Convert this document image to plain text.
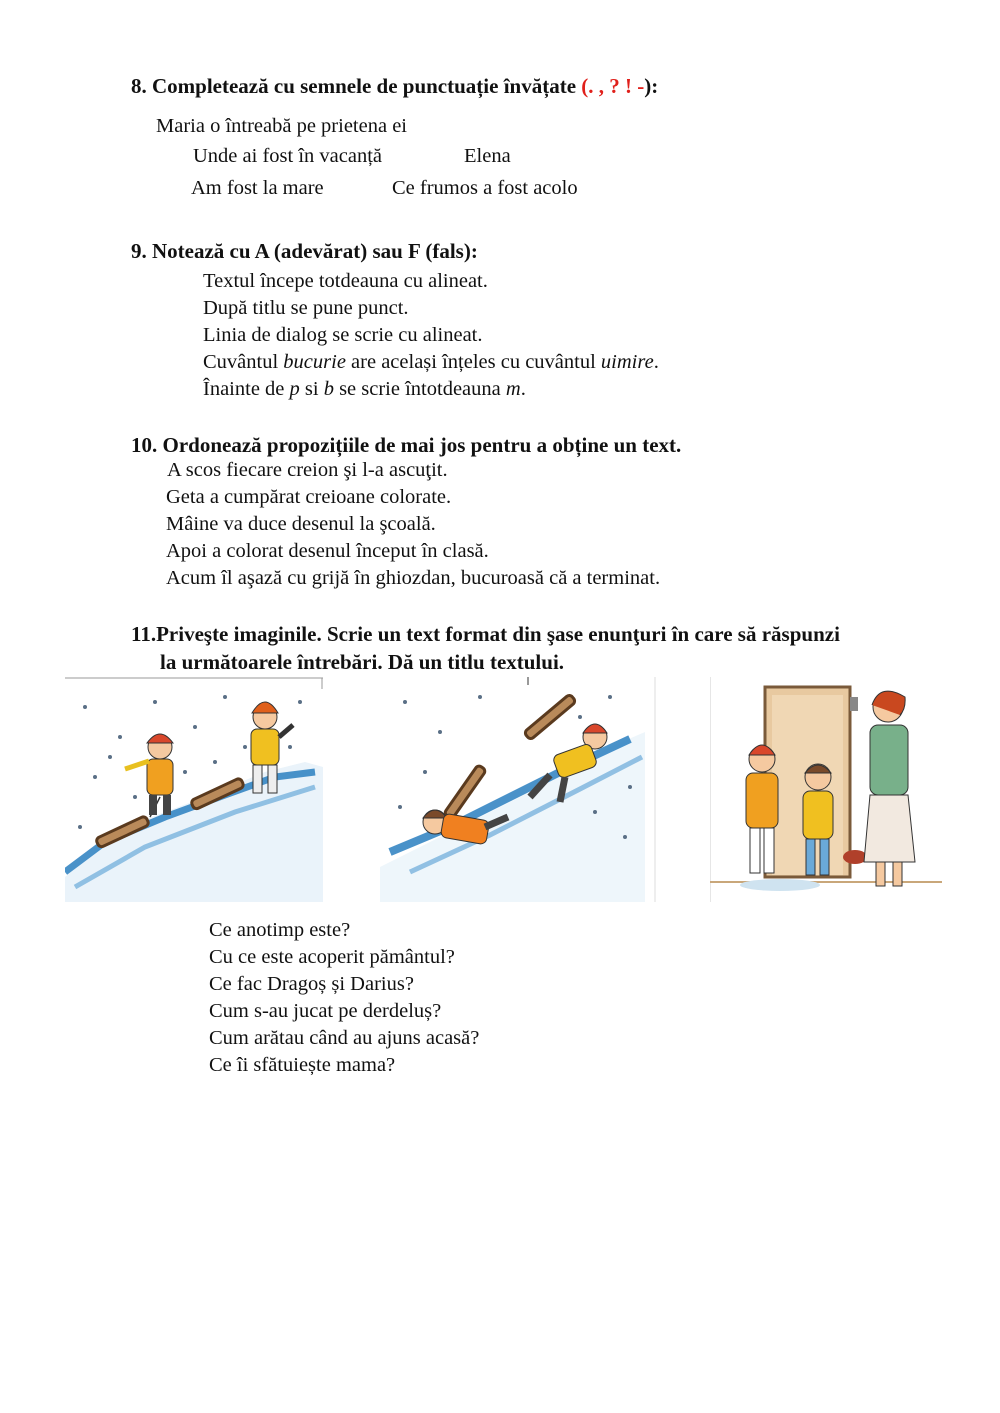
8. Completează cu semnele de punctuație învățate (. , ? ! -):
Maria o întreabă pe prietena ei
Unde ai fost în vacanță	Elena
Am fost la mare	Ce frumos a fost acolo
9. Notează cu A (adevărat) sau F (fals):
Textul începe totdeauna cu alineat.
După titlu se pune punct.
Linia de dialog se scrie cu alineat.
Cuvântul bucurie are același înțeles cu cuvântul uimire.
Înainte de p si b se scrie întotdeauna m.
10. Ordonează propozițiile de mai jos pentru a obține un text.
A scos fiecare creion şi l-a ascuţit.
Geta a cumpărat creioane colorate.
Mâine va duce desenul la şcoală.
Apoi a colorat desenul început în clasă.
Acum îl aşază cu grijă în ghiozdan, bucuroasă că a terminat.
11.Priveşte imaginile. Scrie un text format din şase enunţuri în care să răspunzi
la următoarele întrebări. Dă un titlu textului.
Ce anotimp este?
Cu ce este acoperit pământul?
Ce fac Dragoș și Darius?
Cum s-au jucat pe derdeluș?
Cum arătau când au ajuns acasă?
Ce îi sfătuiește mama?
